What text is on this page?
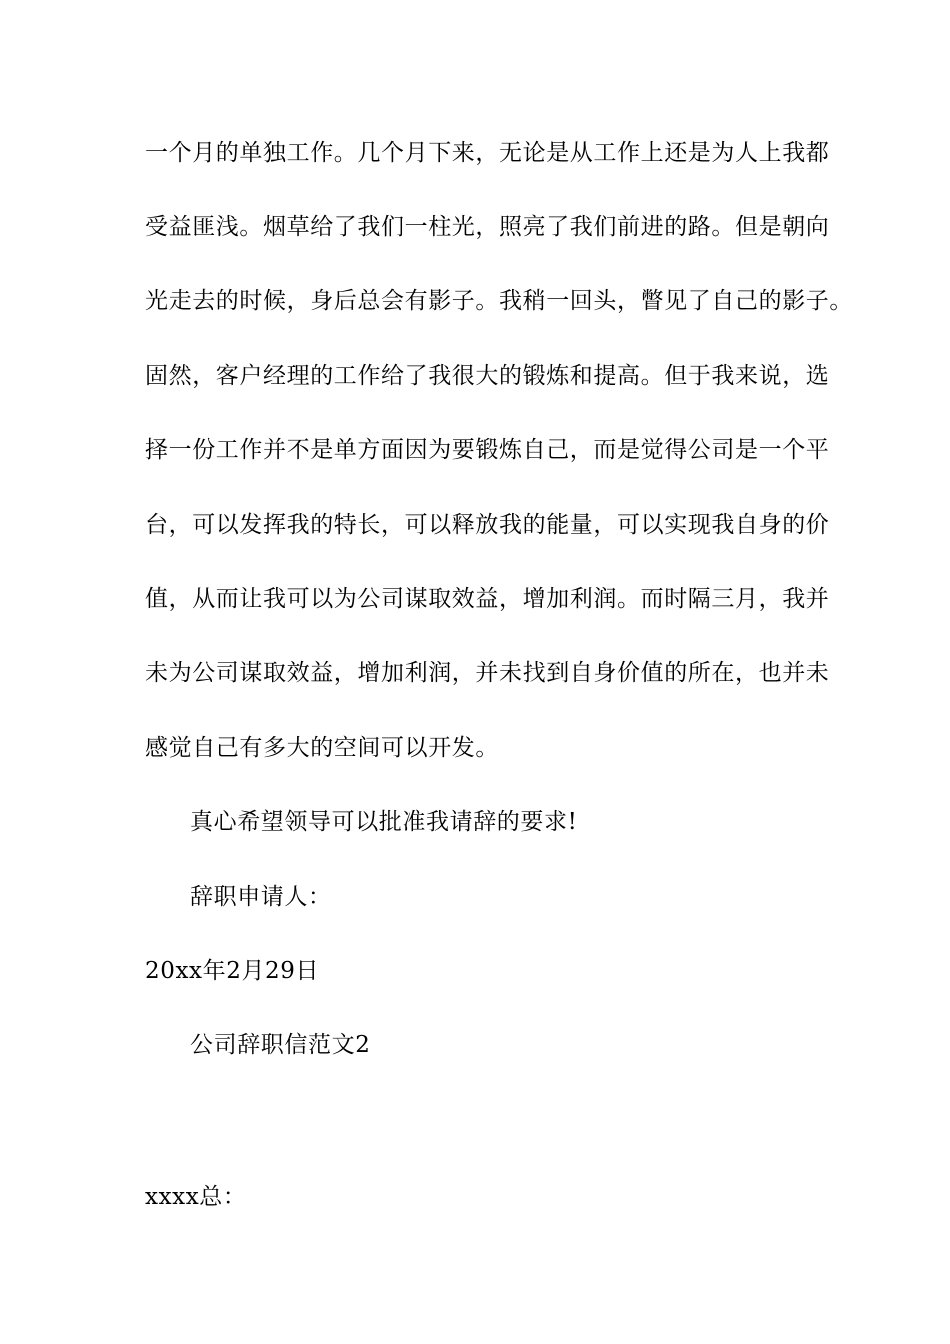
一个月的单独工作。几个月下来，无论是从工作上还是为人上我都
受益匪浅。烟草给了我们一柱光，照亮了我们前进的路。但是朝向
光走去的时候，身后总会有影子。我稍一回头，瞥见了自己的影子。
固然，客户经理的工作给了我很大的锻炼和提高。但于我来说，选
择一份工作并不是单方面因为要锻炼自己，而是觉得公司是一个平
台，可以发挥我的特长，可以释放我的能量，可以实现我自身的价
值，从而让我可以为公司谋取效益，增加利润。而时隔三月，我并
未为公司谋取效益，增加利润，并未找到自身价值的所在，也并未
感觉自己有多大的空间可以开发。
真心希望领导可以批准我请辞的要求!
辞职申请人：
20xx年2月29日
公司辞职信范文2
xxxx总：
